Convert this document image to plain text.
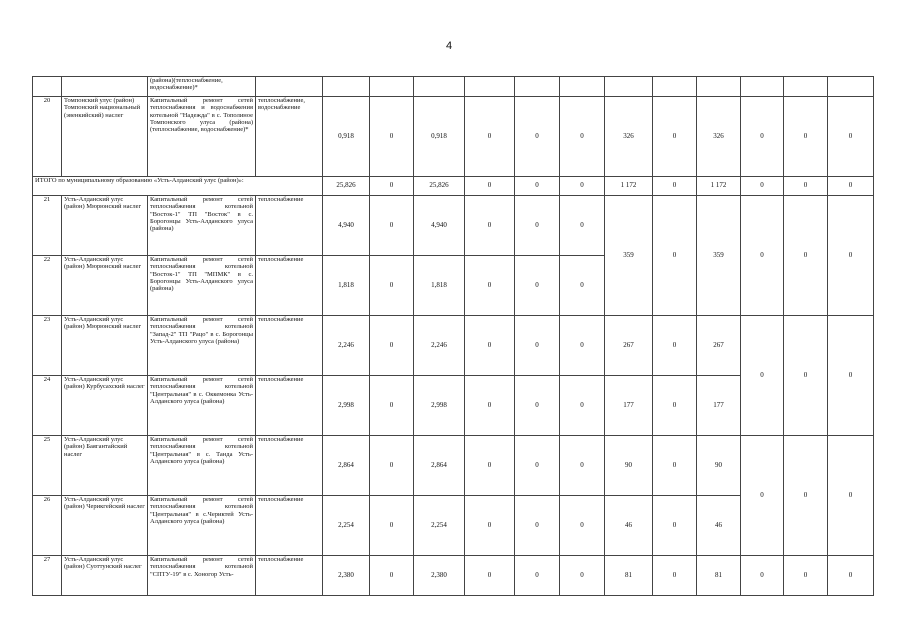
4
		(района)(теплоснабжение, водоснабжение)*													
20	Томпонский улус (район) Томпонский национальный (эвенкийский) наслег	Капитальный ремонт сетей теплоснабжения и водоснабжения котельной "Надежда" в с. Тополиное Томпонского улуса (района) (теплоснабжение, водоснабжение)*	теплоснабжение, водоснабжение	0,918	0	0,918	0	0	0	326	0	326	0	0	0
ИТОГО по муниципальному образованию «Усть-Алданский улус (район)»:				25,826	0	25,826	0	0	0	1 172	0	1 172	0	0	0
21	Усть-Алданский улус (район) Мюрюнский наслег	Капитальный ремонт сетей теплоснабжения котельной "Восток-1" ТП "Восток" в с. Борогонцы Усть-Алданского улуса (района)	теплоснабжение	4,940	0	4,940	0	0	0	359	0	359	0	0	0
22	Усть-Алданский улус (район) Мюрюнский наслег	Капитальный ремонт сетей теплоснабжения котельной "Восток-1" ТП "МПМК" в с. Борогонцы Усть-Алданского улуса (района)	теплоснабжение	1,818	0	1,818	0	0	0						
23	Усть-Алданский улус (район) Мюрюнский наслег	Капитальный ремонт сетей теплоснабжения котельной "Запад-2" ТП "Рацо" в с. Борогонцы Усть-Алданского улуса (района)	теплоснабжение	2,246	0	2,246	0	0	0	267	0	267	0	0	0
24	Усть-Алданский улус (район) Курбусахский наслег	Капитальный ремонт сетей теплоснабжения котельной "Центральная" в с. Оккемонка Усть-Алданского улуса (района)	теплоснабжение	2,998	0	2,998	0	0	0	177	0	177			
25	Усть-Алданский улус (район) Баягантайский наслег	Капитальный ремонт сетей теплоснабжения котельной "Центральная" в с. Танда Усть-Алданского улуса (района)	теплоснабжение	2,864	0	2,864	0	0	0	90	0	90	0	0	0
26	Усть-Алданский улус (район) Черикгейский наслег	Капитальный ремонт сетей теплоснабжения котельной "Центральная" в с.Чериктей Усть-Алданского улуса (района)	теплоснабжение	2,254	0	2,254	0	0	0	46	0	46			
27	Усть-Алданский улус (район) Суоттунский наслег	Капитальный ремонт сетей теплоснабжения котельной "СПТУ-19" в с. Хоногор Усть-	теплоснабжение	2,380	0	2,380	0	0	0	81	0	81	0	0	0
